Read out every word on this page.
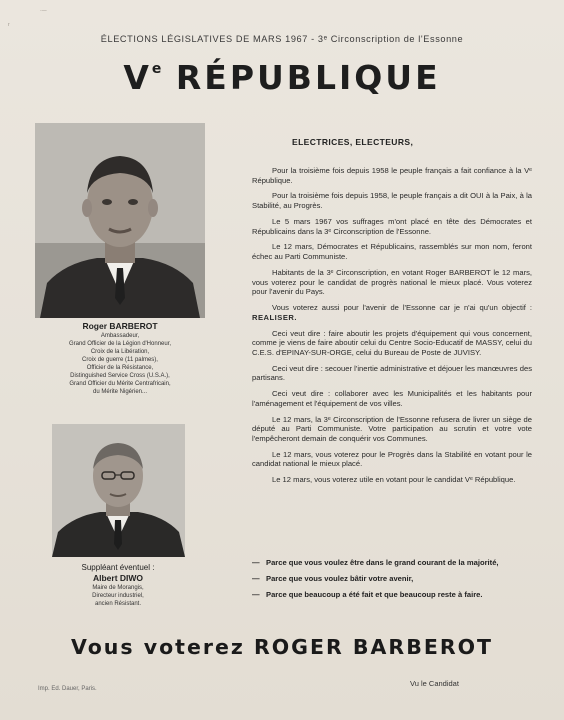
·—
r
ÉLECTIONS LÉGISLATIVES DE MARS 1967 - 3ᵉ Circonscription de l'Essonne
Ve RÉPUBLIQUE
Roger BARBEROT
Ambassadeur,
Grand Officier de la Légion d'Honneur,
Croix de la Libération,
Croix de guerre (11 palmes),
Officier de la Résistance,
Distinguished Service Cross (U.S.A.),
Grand Officier du Mérite Centrafricain,
du Mérite Nigérien...
Suppléant éventuel :
Albert DIWO
Maire de Morangis,
Directeur industriel,
ancien Résistant.
ELECTRICES, ELECTEURS,

Pour la troisième fois depuis 1958 le peuple français a fait confiance à la Vᵉ République.

Pour la troisième fois depuis 1958, le peuple français a dit OUI à la Paix, à la Stabilité, au Progrès.

Le 5 mars 1967 vos suffrages m'ont placé en tête des Démocrates et Républicains dans la 3ᵉ Circonscription de l'Essonne.

Le 12 mars, Démocrates et Républicains, rassemblés sur mon nom, feront échec au Parti Communiste.

Habitants de la 3ᵉ Circonscription, en votant Roger BARBEROT le 12 mars, vous voterez pour le candidat de progrès national le mieux placé. Vous voterez pour l'avenir du Pays.

Vous voterez aussi pour l'avenir de l'Essonne car je n'ai qu'un objectif : REALISER.

Ceci veut dire : faire aboutir les projets d'équipement qui vous concernent, comme je viens de faire aboutir celui du Centre Socio-Educatif de MASSY, celui du C.E.S. d'EPINAY-SUR-ORGE, celui du Bureau de Poste de JUVISY.

Ceci veut dire : secouer l'inertie administrative et déjouer les manœuvres des partisans.

Ceci veut dire : collaborer avec les Municipalités et les habitants pour l'aménagement et l'équipement de vos villes.

Le 12 mars, la 3ᵉ Circonscription de l'Essonne refusera de livrer un siège de député au Parti Communiste. Votre participation au scrutin et votre vote l'empêcheront demain de conquérir vos Communes.

Le 12 mars, vous voterez pour le Progrès dans la Stabilité en votant pour le candidat national le mieux placé.

Le 12 mars, vous voterez utile en votant pour le candidat Vᵉ République.

— Parce que vous voulez être dans le grand courant de la majorité,
— Parce que vous voulez bâtir votre avenir,
— Parce que beaucoup a été fait et que beaucoup reste à faire.
Vous voterez ROGER BARBEROT
Vu le Candidat
Imp. Ed. Dauer, Paris.
